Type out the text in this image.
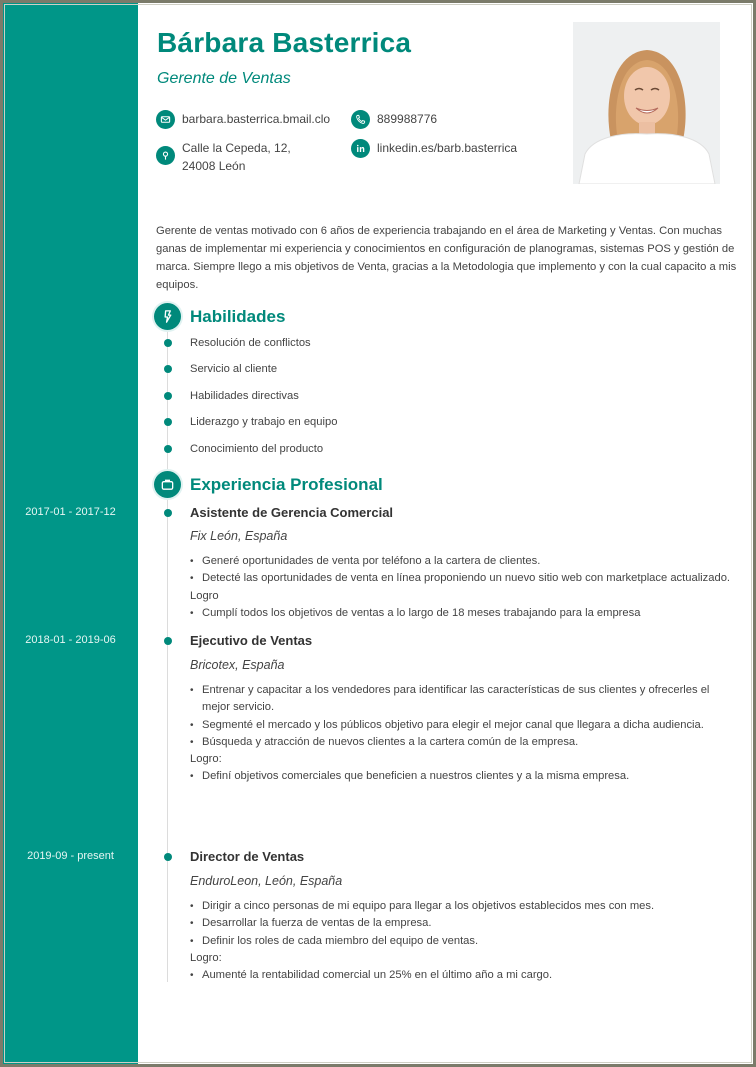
Bárbara Basterrica
Gerente de Ventas
barbara.basterrica.bmail.clo	889988776
Calle la Cepeda, 12,
24008 León
linkedin.es/barb.basterrica
Gerente de ventas motivado con 6 años de experiencia trabajando en el área de Marketing y Ventas. Con muchas ganas de implementar mi experiencia y conocimientos en configuración de planogramas, sistemas POS y gestión de marca. Siempre llego a mis objetivos de Venta, gracias a la Metodologia que implemento y con la cual capacito a mis equipos.
Habilidades
Resolución de conflictos
Servicio al cliente
Habilidades directivas
Liderazgo y trabajo en equipo
Conocimiento del producto
Experiencia Profesional
2017-01 - 2017-12	Asistente de Gerencia Comercial
Fix León, España
• Generé oportunidades de venta por teléfono a la cartera de clientes.
• Detecté las oportunidades de venta en línea proponiendo un nuevo sitio web con marketplace actualizado.
Logro
• Cumplí todos los objetivos de ventas a lo largo de 18 meses trabajando para la empresa
2018-01 - 2019-06	Ejecutivo de Ventas
Bricotex, España
• Entrenar y capacitar a los vendedores para identificar las características de sus clientes y ofrecerles el mejor servicio.
• Segmenté el mercado y los públicos objetivo para elegir el mejor canal que llegara a dicha audiencia.
• Búsqueda y atracción de nuevos clientes a la cartera común de la empresa.
Logro:
• Definí objetivos comerciales que beneficien a nuestros clientes y a la misma empresa.
2019-09 - present	Director de Ventas
EnduroLeon, León, España
• Dirigir a cinco personas de mi equipo para llegar a los objetivos establecidos mes con mes.
• Desarrollar la fuerza de ventas de la empresa.
• Definir los roles de cada miembro del equipo de ventas.
Logro:
• Aumenté la rentabilidad comercial un 25% en el último año a mi cargo.
